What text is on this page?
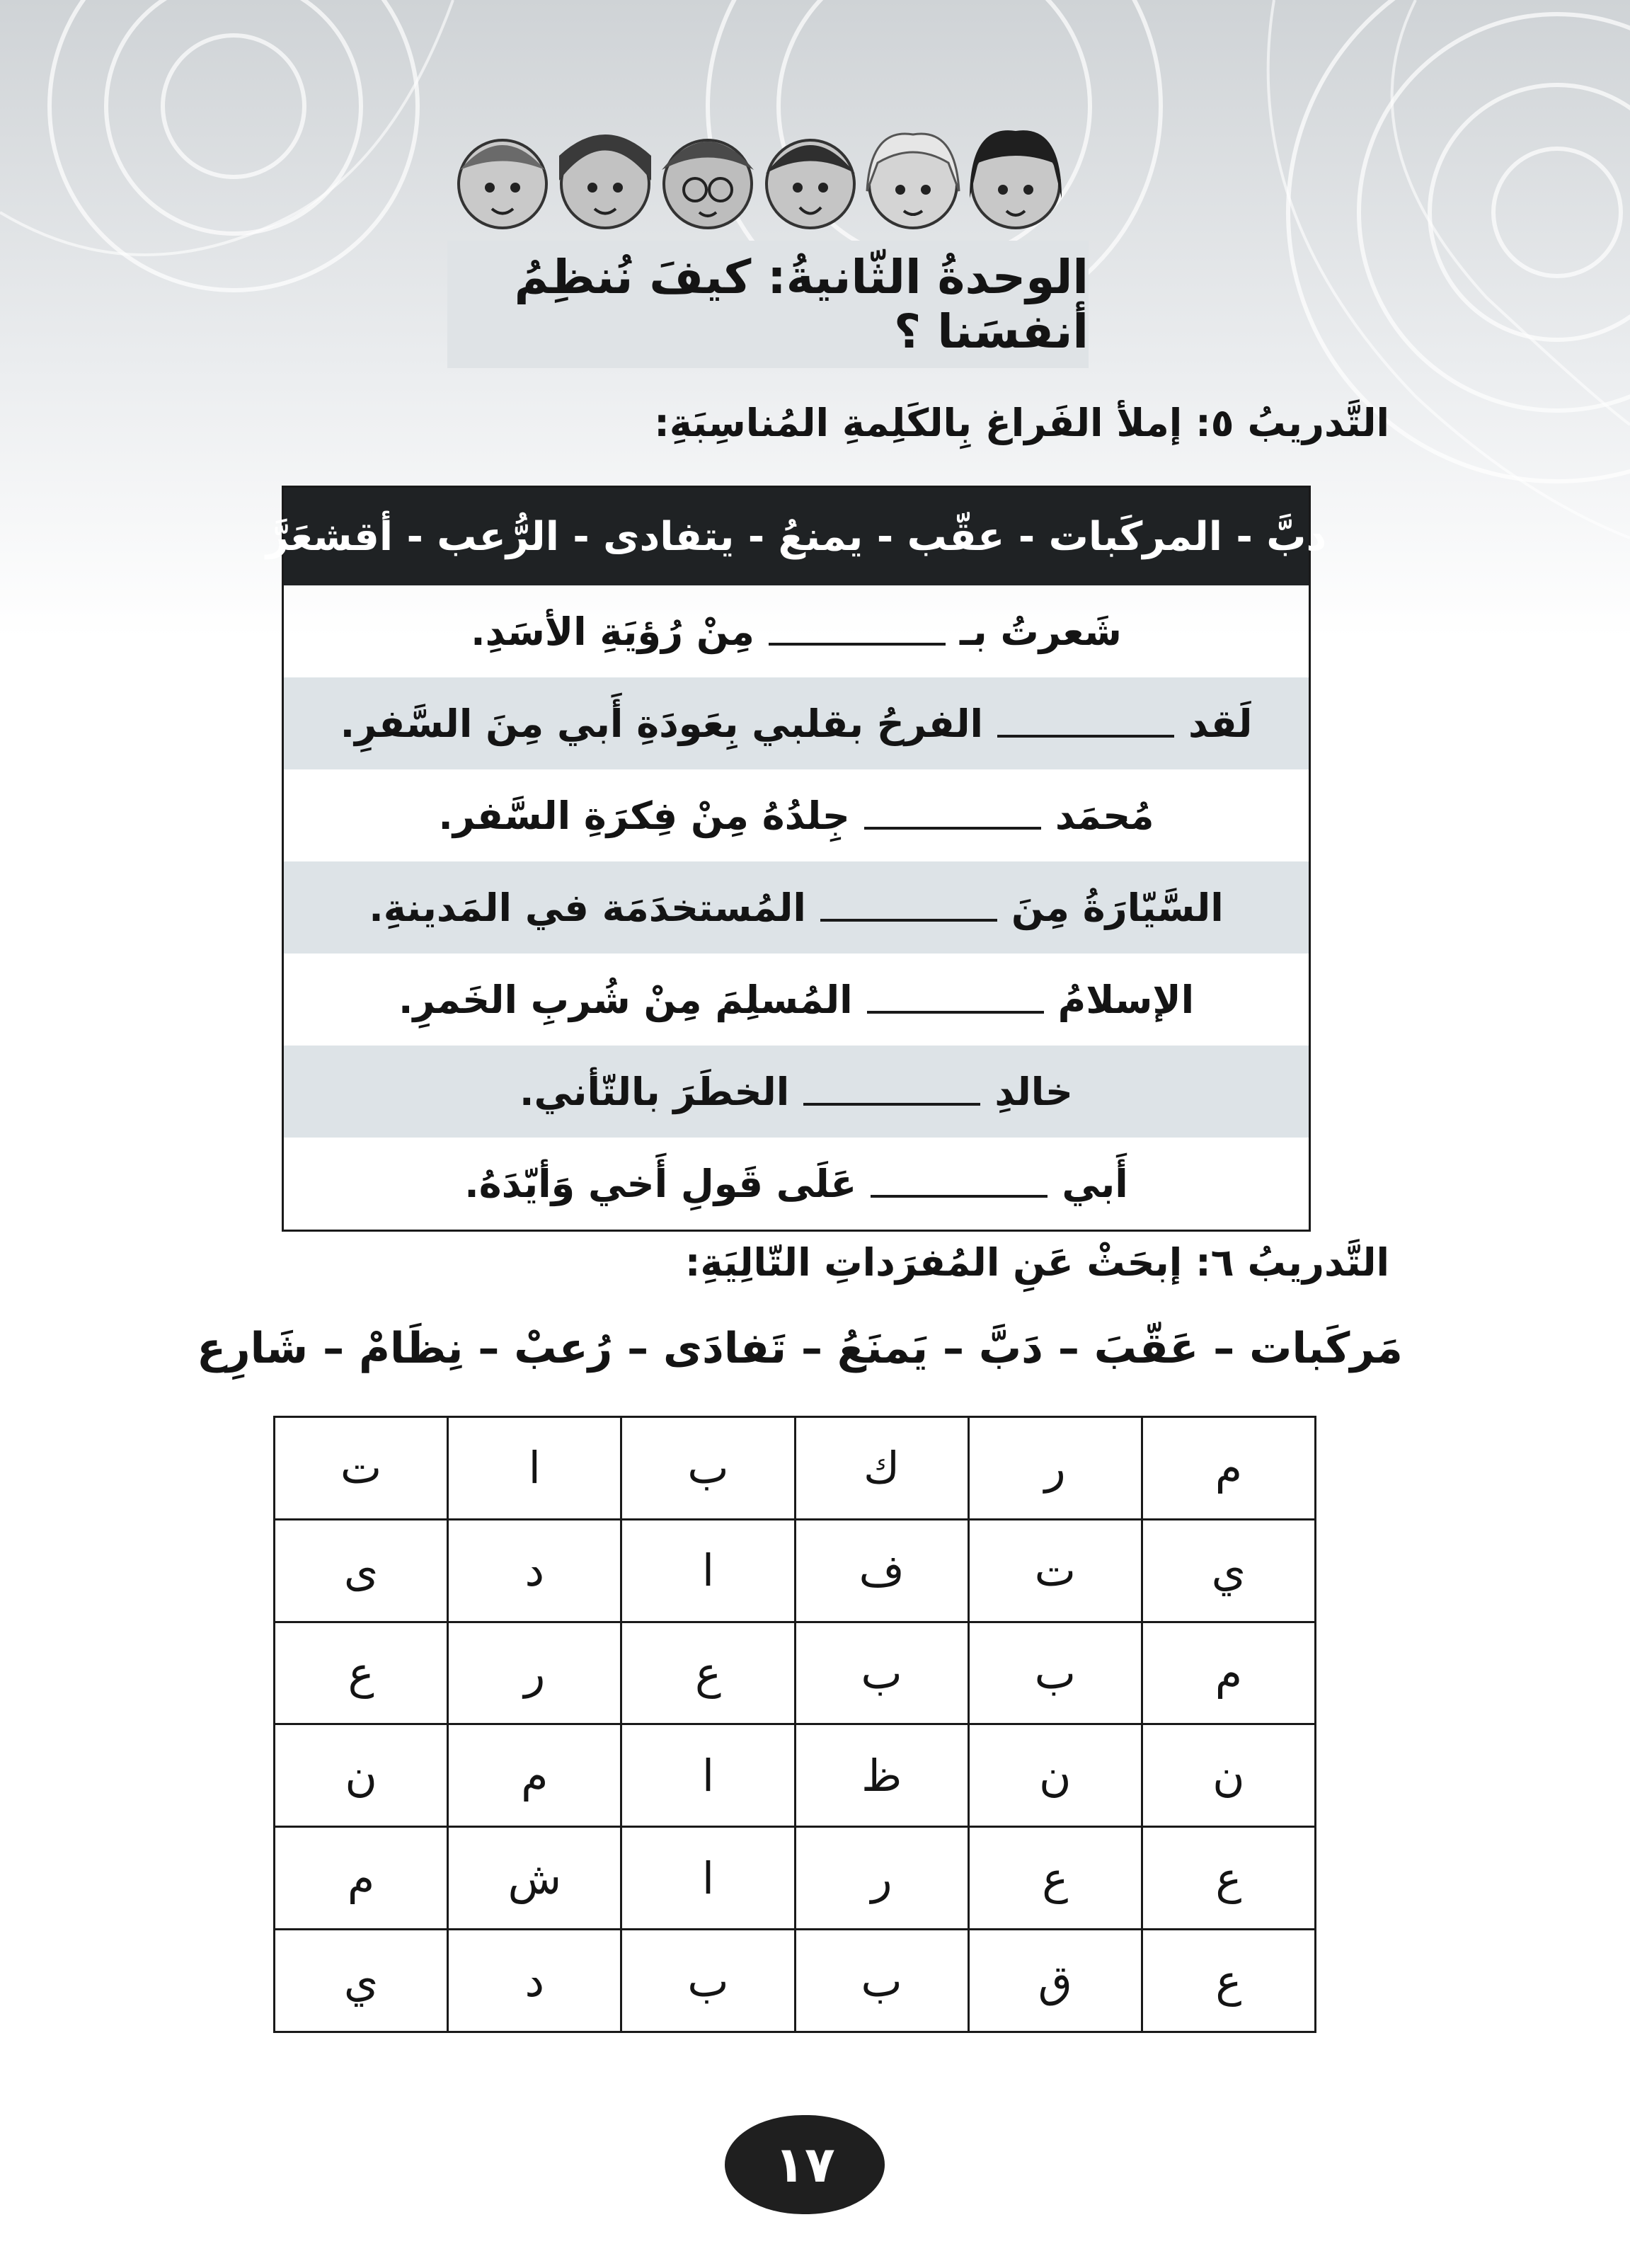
الوحدةُ الثّانيةُ: كيفَ نُنظِمُ أنفسَنا ؟
التَّدريبُ ٥: إملأ الفَراغ بِالكَلِمةِ المُناسِبَةِ:
دبَّ - المركَبات - عقّب - يمنعُ - يتفادى - الرُّعب - أقشعَرَّ
شَعرتُ بـ
مِنْ رُؤيَةِ الأسَدِ.
لَقد
الفرحُ بقلبي بِعَودَةِ أَبي مِنَ السَّفرِ.
مُحمَد
جِلدُهُ مِنْ فِكرَةِ السَّفر.
السَّيّارَةُ مِنَ
المُستخدَمَة في المَدينةِ.
الإسلامُ
المُسلِمَ مِنْ شُربِ الخَمرِ.
خالدِ
الخطَرَ بالتّأني.
أَبي
عَلَى قَولِ أَخي وَأيّدَهُ.
التَّدريبُ ٦: إبحَثْ عَنِ المُفرَداتِ التّالِيَةِ:
مَركَبات – عَقّبَ – دَبَّ – يَمنَعُ – تَفادَى – رُعبْ – نِظَامْ – شَارِع
م	ر	ك	ب	ا	ت
ي	ت	ف	ا	د	ى
م	ب	ب	ع	ر	ع
ن	ن	ظ	ا	م	ن
ع	ع	ر	ا	ش	م
ع	ق	ب	ب	د	ي
١٧
